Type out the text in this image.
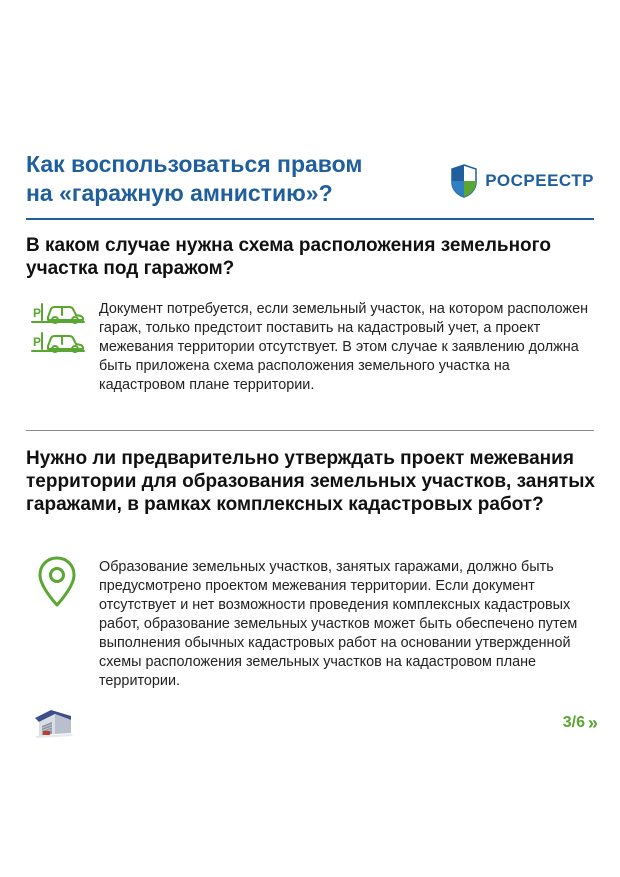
Как воспользоваться правом
на «гаражную амнистию»?	РОСРЕЕСТР
В каком случае нужна схема расположения земельного участка под гаражом?
P
P

Документ потребуется, если земельный участок, на котором расположен гараж, только предстоит поставить на кадастровый учет, а проект межевания территории отсутствует. В этом случае к заявлению должна быть приложена схема расположения земельного участка на кадастровом плане территории.

Нужно ли предварительно утверждать проект межевания территории для образования земельных участков, занятых гаражами, в рамках комплексных кадастровых работ?

Образование земельных участков, занятых гаражами, должно быть предусмотрено проектом межевания территории. Если документ отсутствует и нет возможности проведения комплексных кадастровых работ, образование земельных участков может быть обеспечено путем выполнения обычных кадастровых работ на основании утвержденной схемы расположения земельных участков на кадастровом плане территории.

3/6 »
